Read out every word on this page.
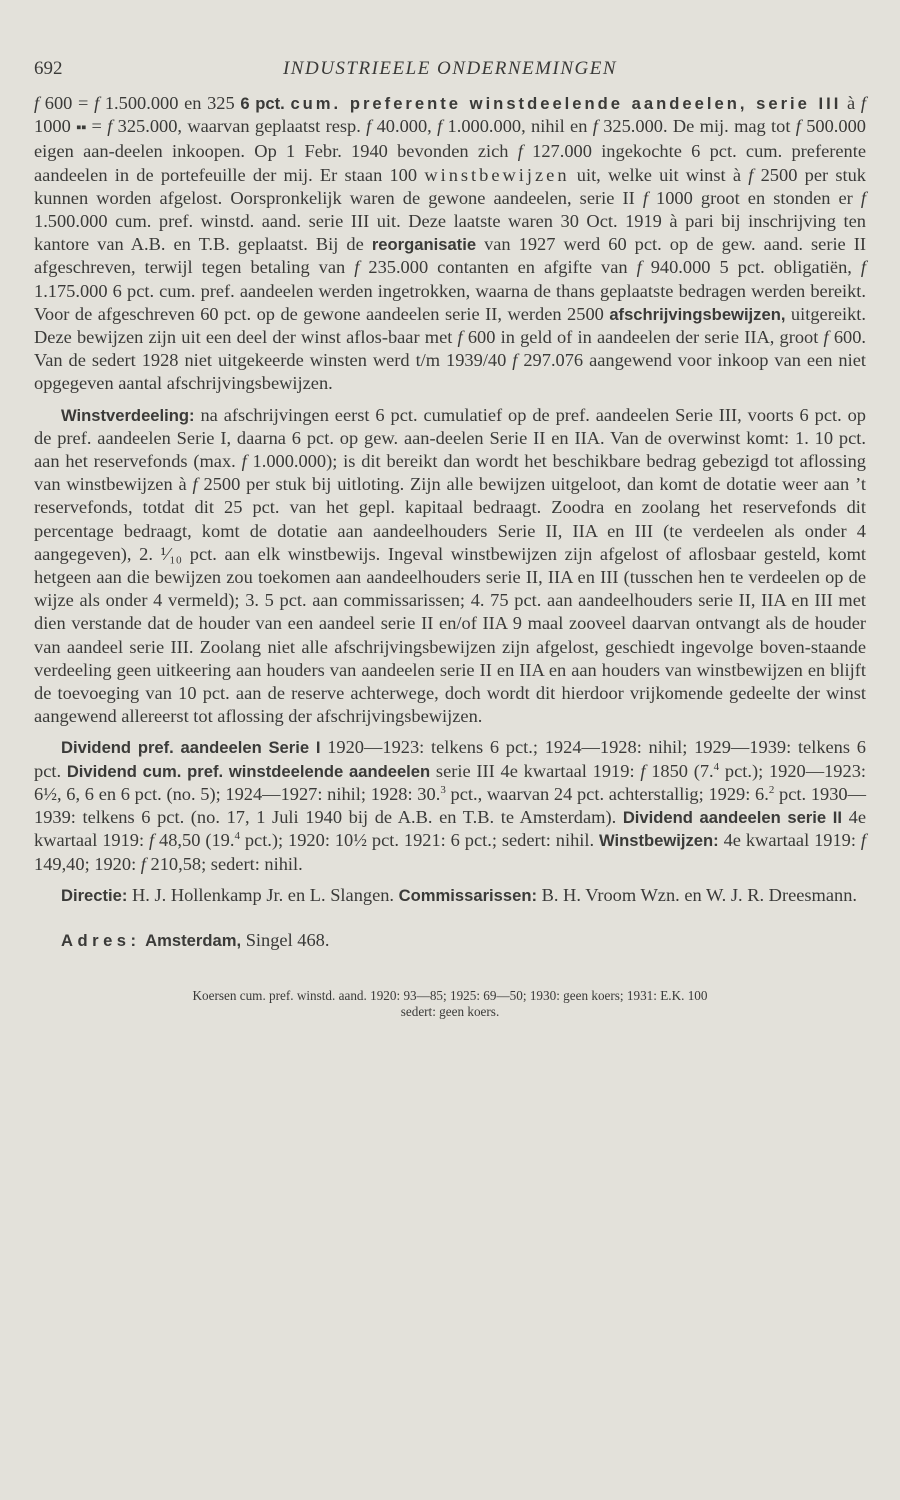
692	INDUSTRIEELE ONDERNEMINGEN

f 600 = f 1.500.000 en 325 6 pct. cum. preferente winstdeelende aandeelen, serie III à f 1000 ▪▪ = f 325.000, waarvan geplaatst resp. f 40.000, f 1.000.000, nihil en f 325.000. De mij. mag tot f 500.000 eigen aan-deelen inkoopen. Op 1 Febr. 1940 bevonden zich f 127.000 ingekochte 6 pct. cum. preferente aandeelen in de portefeuille der mij. Er staan 100 winstbewijzen uit, welke uit winst à f 2500 per stuk kunnen worden afgelost. Oorspronkelijk waren de gewone aandeelen, serie II f 1000 groot en stonden er f 1.500.000 cum. pref. winstd. aand. serie III uit. Deze laatste waren 30 Oct. 1919 à pari bij inschrijving ten kantore van A.B. en T.B. geplaatst. Bij de reorganisatie van 1927 werd 60 pct. op de gew. aand. serie II afgeschreven, terwijl tegen betaling van f 235.000 contanten en afgifte van f 940.000 5 pct. obligatiën, f 1.175.000 6 pct. cum. pref. aandeelen werden ingetrokken, waarna de thans geplaatste bedragen werden bereikt. Voor de afgeschreven 60 pct. op de gewone aandeelen serie II, werden 2500 afschrijvingsbewijzen, uitgereikt. Deze bewijzen zijn uit een deel der winst aflos-baar met f 600 in geld of in aandeelen der serie IIA, groot f 600. Van de sedert 1928 niet uitgekeerde winsten werd t/m 1939/40 f 297.076 aangewend voor inkoop van een niet opgegeven aantal afschrijvingsbewijzen.

Winstverdeeling: na afschrijvingen eerst 6 pct. cumulatief op de pref. aandeelen Serie III, voorts 6 pct. op de pref. aandeelen Serie I, daarna 6 pct. op gew. aan-deelen Serie II en IIA. Van de overwinst komt: 1. 10 pct. aan het reservefonds (max. f 1.000.000); is dit bereikt dan wordt het beschikbare bedrag gebezigd tot aflossing van winstbewijzen à f 2500 per stuk bij uitloting. Zijn alle bewijzen uitgeloot, dan komt de dotatie weer aan ’t reservefonds, totdat dit 25 pct. van het gepl. kapitaal bedraagt. Zoodra en zoolang het reservefonds dit percentage bedraagt, komt de dotatie aan aandeelhouders Serie II, IIA en III (te verdeelen als onder 4 aangegeven), 2. ¹⁄₁₀ pct. aan elk winstbewijs. Ingeval winstbewijzen zijn afgelost of aflosbaar gesteld, komt hetgeen aan die bewijzen zou toekomen aan aandeelhouders serie II, IIA en III (tusschen hen te verdeelen op de wijze als onder 4 vermeld); 3. 5 pct. aan commissarissen; 4. 75 pct. aan aandeelhouders serie II, IIA en III met dien verstande dat de houder van een aandeel serie II en/of IIA 9 maal zooveel daarvan ontvangt als de houder van aandeel serie III. Zoolang niet alle afschrijvingsbewijzen zijn afgelost, geschiedt ingevolge boven-staande verdeeling geen uitkeering aan houders van aandeelen serie II en IIA en aan houders van winstbewijzen en blijft de toevoeging van 10 pct. aan de reserve achterwege, doch wordt dit hierdoor vrijkomende gedeelte der winst aangewend allereerst tot aflossing der afschrijvingsbewijzen.

Dividend pref. aandeelen Serie I 1920—1923: telkens 6 pct.; 1924—1928: nihil; 1929—1939: telkens 6 pct. Dividend cum. pref. winstdeelende aandeelen serie III 4e kwartaal 1919: f 1850 (7.$^4$ pct.); 1920—1923: 6½, 6, 6 en 6 pct. (no. 5); 1924—1927: nihil; 1928: 30.$^3$ pct., waarvan 24 pct. achterstallig; 1929: 6.$^2$ pct. 1930—1939: telkens 6 pct. (no. 17, 1 Juli 1940 bij de A.B. en T.B. te Amsterdam). Dividend aandeelen serie II 4e kwartaal 1919: f 48,50 (19.$^4$ pct.); 1920: 10½ pct. 1921: 6 pct.; sedert: nihil. Winstbewijzen: 4e kwartaal 1919: f 149,40; 1920: f 210,58; sedert: nihil.

Directie: H. J. Hollenkamp Jr. en L. Slangen. Commissarissen: B. H. Vroom Wzn. en W. J. R. Dreesmann.

Adres: Amsterdam, Singel 468.

Koersen cum. pref. winstd. aand. 1920: 93—85; 1925: 69—50; 1930: geen koers; 1931: E.K. 100
sedert: geen koers.
